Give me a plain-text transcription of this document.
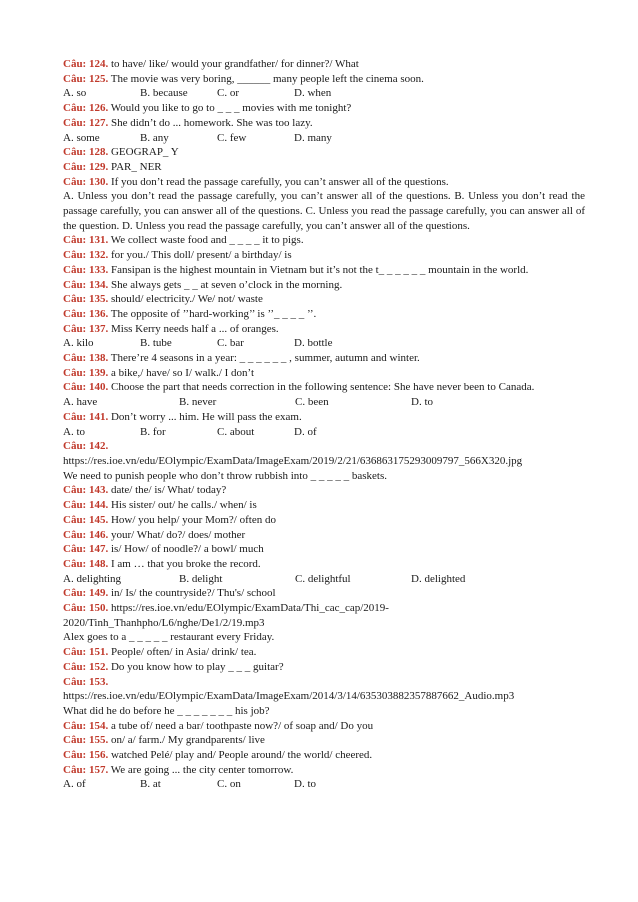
Câu: 124. to have/ like/ would your grandfather/ for dinner?/ What
Câu: 125. The movie was very boring, ______ many people left the cinema soon.
A. so	B. because	C. or	D. when
Câu: 126. Would you like to go to _ _ _ movies with me tonight?
Câu: 127. She didn’t do ... homework. She was too lazy.
A. some	B. any	C. few	D. many
Câu: 128. GEOGRAP_ Y
Câu: 129. PAR_ NER
Câu: 130. If you don’t read the passage carefully, you can’t answer all of the questions.
A. Unless you don’t read the passage carefully, you can’t answer all of the questions. B. Unless you don’t read the passage carefully, you can answer all of the questions. C. Unless you read the passage carefully, you can answer all of the question. D. Unless you read the passage carefully, you can’t answer all of the questions.
Câu: 131. We collect waste food and _ _ _ _ it to pigs.
Câu: 132. for you./ This doll/ present/ a birthday/ is
Câu: 133. Fansipan is the highest mountain in Vietnam but it’s not the t_ _ _ _ _ _ mountain in the world.
Câu: 134. She always gets _ _ at seven o’clock in the morning.
Câu: 135. should/ electricity./ We/ not/ waste
Câu: 136. The opposite of ’’hard-working’’ is ’’_ _ _ _ ’’.
Câu: 137. Miss Kerry needs half a ... of oranges.
A. kilo	B. tube	C. bar	D. bottle
Câu: 138. There’re 4 seasons in a year: _ _ _ _ _ _ , summer, autumn and winter.
Câu: 139. a bike,/ have/ so I/ walk./ I don’t
Câu: 140. Choose the part that needs correction in the following sentence: She have never been to Canada.
A. have	B. never	C. been	D. to
Câu: 141. Don’t worry ... him. He will pass the exam.
A. to	B. for	C. about	D. of
Câu: 142.
https://res.ioe.vn/edu/EOlympic/ExamData/ImageExam/2019/2/21/636863175293009797_566X320.jpg
We need to punish people who don’t throw rubbish into _ _ _ _ _ baskets.
Câu: 143. date/ the/ is/ What/ today?
Câu: 144. His sister/ out/ he calls./ when/ is
Câu: 145. How/ you help/ your Mom?/ often do
Câu: 146. your/ What/ do?/ does/ mother
Câu: 147. is/ How/ of noodle?/ a bowl/ much
Câu: 148. I am … that you broke the record.
A. delighting	B. delight	C. delightful	D. delighted
Câu: 149. in/ Is/ the countryside?/ Thu's/ school
Câu: 150. https://res.ioe.vn/edu/EOlympic/ExamData/Thi_cac_cap/2019-2020/Tinh_Thanhpho/L6/nghe/De1/2/19.mp3
Alex goes to a _ _ _ _ _ restaurant every Friday.
Câu: 151. People/ often/ in Asia/ drink/ tea.
Câu: 152. Do you know how to play _ _ _ guitar?
Câu: 153.
https://res.ioe.vn/edu/EOlympic/ExamData/ImageExam/2014/3/14/635303882357887662_Audio.mp3
What did he do before he _ _ _ _ _ _ _ his job?
Câu: 154. a tube of/ need a bar/ toothpaste now?/ of soap and/ Do you
Câu: 155. on/ a/ farm./ My grandparents/ live
Câu: 156. watched Pelé/ play and/ People around/ the world/ cheered.
Câu: 157. We are going ... the city center tomorrow.
A. of	B. at	C. on	D. to
